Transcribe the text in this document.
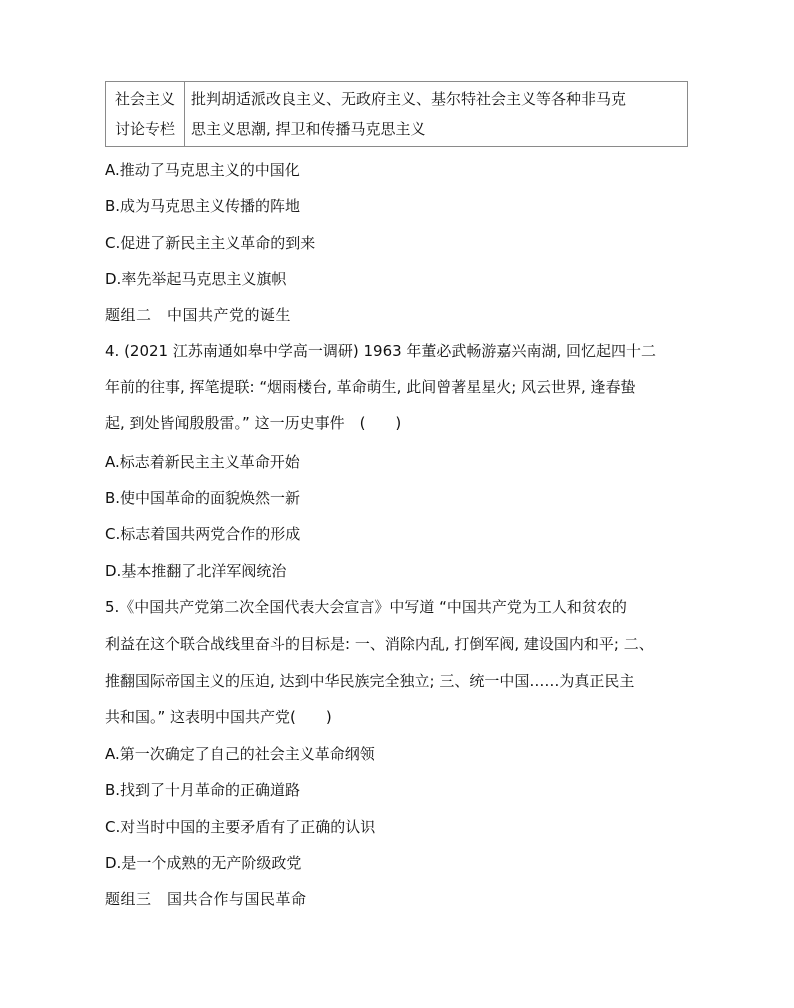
社会主义
讨论专栏

批判胡适派改良主义、无政府主义、基尔特社会主义等各种非马克
思主义思潮, 捍卫和传播马克思主义
A.推动了马克思主义的中国化
B.成为马克思主义传播的阵地
C.促进了新民主主义革命的到来
D.率先举起马克思主义旗帜
题组二　中国共产党的诞生
4. (2021 江苏南通如皋中学高一调研) 1963 年董必武畅游嘉兴南湖, 回忆起四十二
年前的往事, 挥笔提联: “烟雨楼台, 革命萌生, 此间曾著星星火; 风云世界, 逢春蛰
起, 到处皆闻殷殷雷。” 这一历史事件　(　　)
A.标志着新民主主义革命开始
B.使中国革命的面貌焕然一新
C.标志着国共两党合作的形成
D.基本推翻了北洋军阀统治
5.《中国共产党第二次全国代表大会宣言》中写道 “中国共产党为工人和贫农的
利益在这个联合战线里奋斗的目标是: 一、消除内乱, 打倒军阀, 建设国内和平; 二、
推翻国际帝国主义的压迫, 达到中华民族完全独立; 三、统一中国……为真正民主
共和国。” 这表明中国共产党(　　)
A.第一次确定了自己的社会主义革命纲领
B.找到了十月革命的正确道路
C.对当时中国的主要矛盾有了正确的认识
D.是一个成熟的无产阶级政党
题组三　国共合作与国民革命
